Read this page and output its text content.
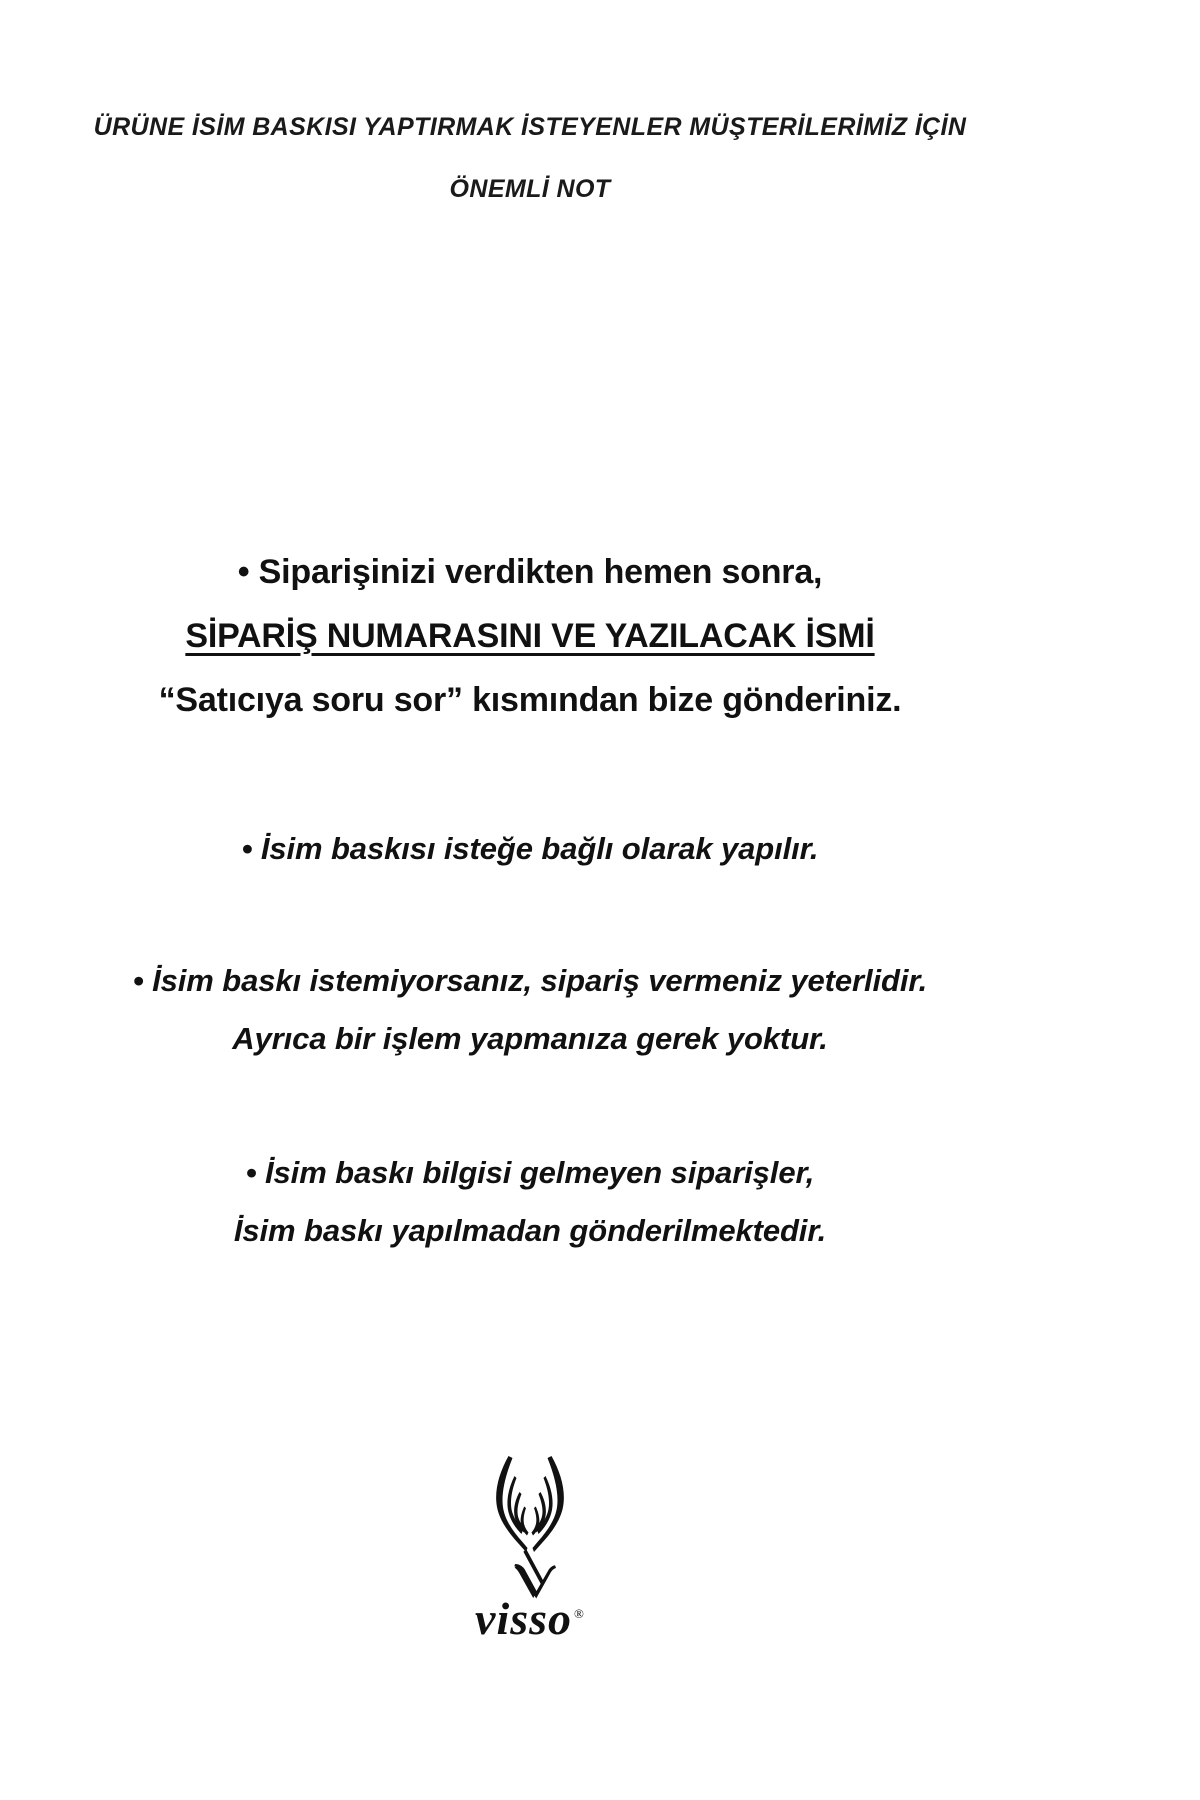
ÜRÜNE İSİM BASKISI YAPTIRMAK İSTEYENLER MÜŞTERİLERİMİZ İÇİN
ÖNEMLİ NOT
• Siparişinizi verdikten hemen sonra,
SİPARİŞ NUMARASINI VE YAZILACAK İSMİ
“Satıcıya soru sor” kısmından bize gönderiniz.
• İsim baskısı isteğe bağlı olarak yapılır.
• İsim baskı istemiyorsanız, sipariş vermeniz yeterlidir.
Ayrıca bir işlem yapmanıza gerek yoktur.
• İsim baskı bilgisi gelmeyen siparişler,
İsim baskı yapılmadan gönderilmektedir.
visso ®
